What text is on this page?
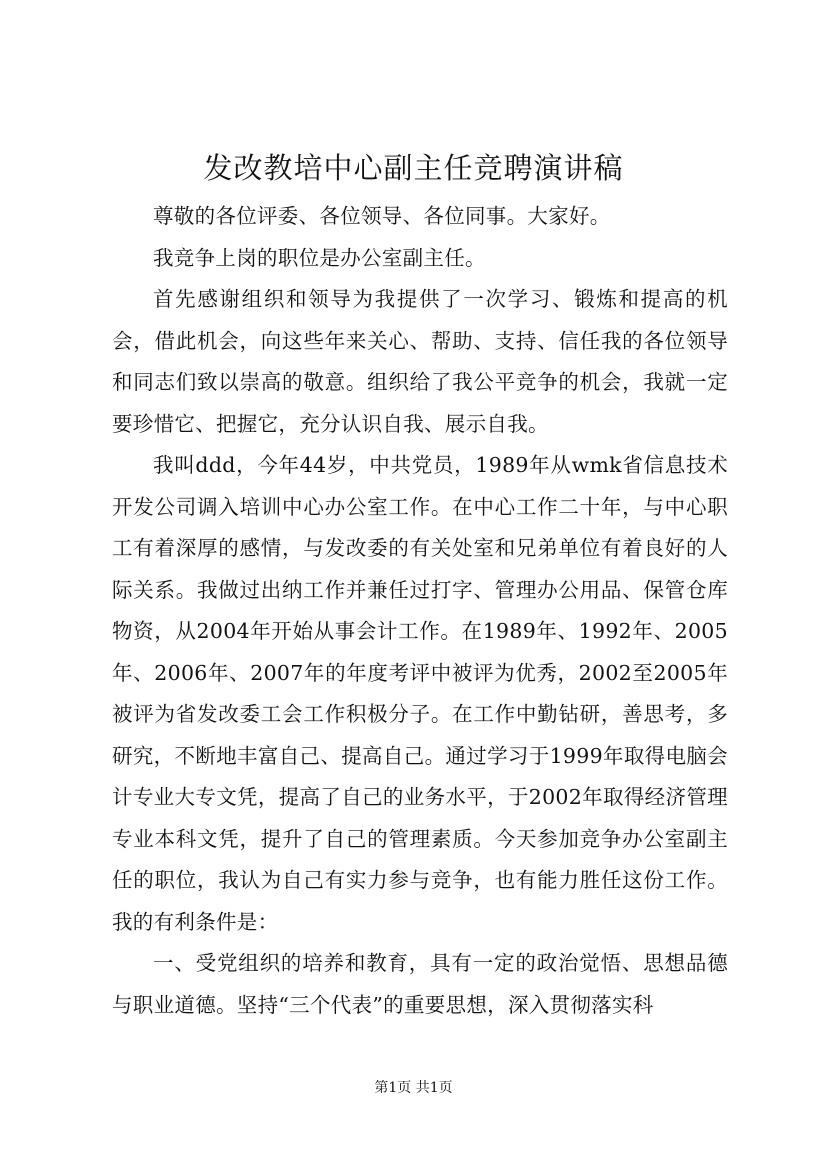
发改教培中心副主任竞聘演讲稿

尊敬的各位评委、各位领导、各位同事。大家好。

我竞争上岗的职位是办公室副主任。

首先感谢组织和领导为我提供了一次学习、锻炼和提高的机会，借此机会，向这些年来关心、帮助、支持、信任我的各位领导和同志们致以崇高的敬意。组织给了我公平竞争的机会，我就一定要珍惜它、把握它，充分认识自我、展示自我。

我叫ddd，今年44岁，中共党员，1989年从wmk省信息技术开发公司调入培训中心办公室工作。在中心工作二十年，与中心职工有着深厚的感情，与发改委的有关处室和兄弟单位有着良好的人际关系。我做过出纳工作并兼任过打字、管理办公用品、保管仓库物资，从2004年开始从事会计工作。在1989年、1992年、2005年、2006年、2007年的年度考评中被评为优秀，2002至2005年被评为省发改委工会工作积极分子。在工作中勤钻研，善思考，多研究，不断地丰富自己、提高自己。通过学习于1999年取得电脑会计专业大专文凭，提高了自己的业务水平，于2002年取得经济管理专业本科文凭，提升了自己的管理素质。今天参加竞争办公室副主任的职位，我认为自己有实力参与竞争，也有能力胜任这份工作。我的有利条件是：

一、受党组织的培养和教育，具有一定的政治觉悟、思想品德与职业道德。坚持“三个代表”的重要思想，深入贯彻落实科

第1页 共1页
